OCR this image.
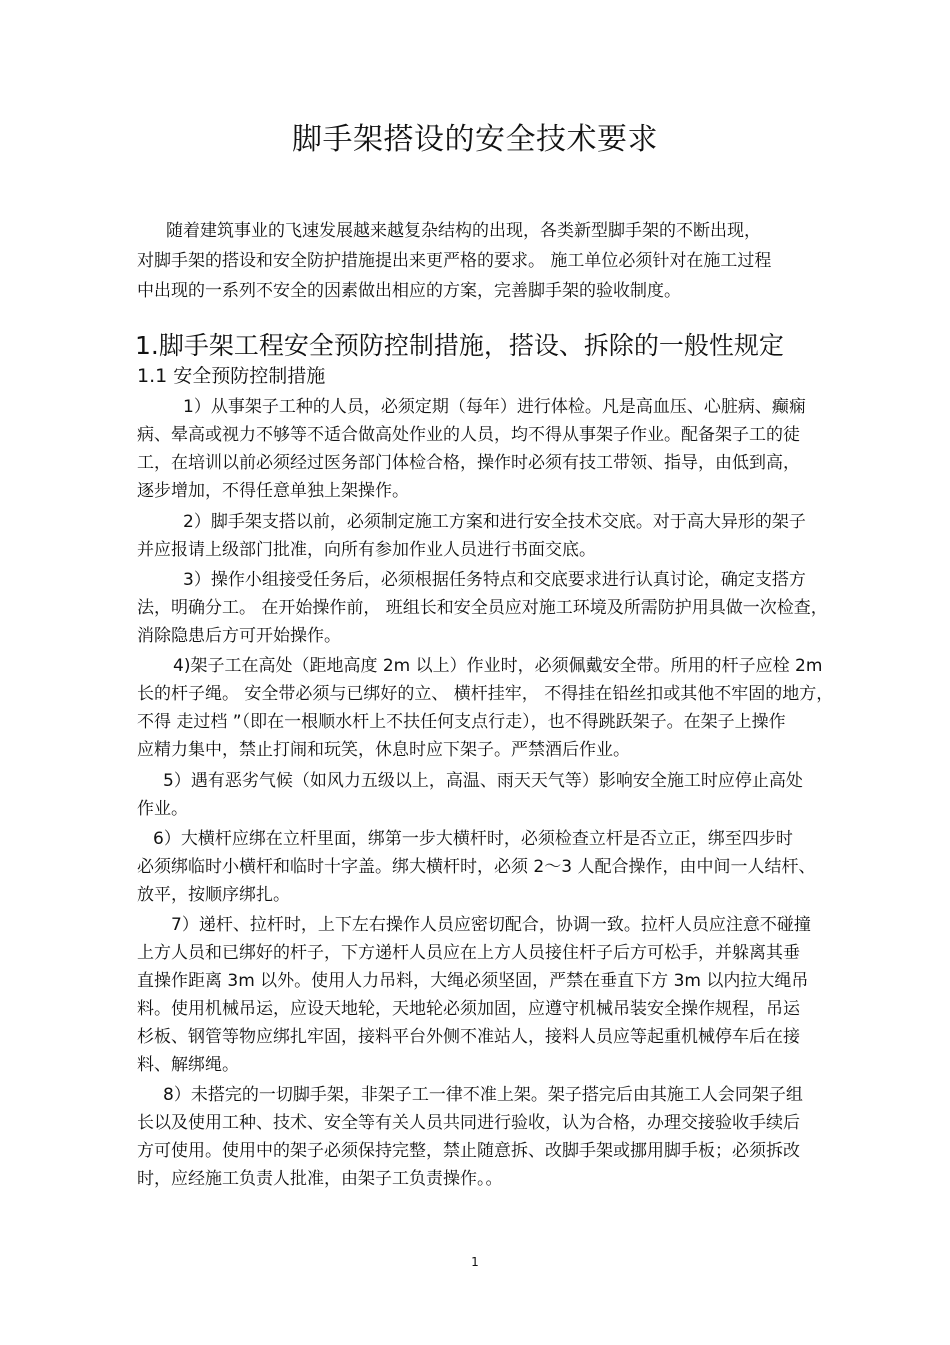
脚手架搭设的安全技术要求
随着建筑事业的飞速发展越来越复杂结构的出现，各类新型脚手架的不断出现，
对脚手架的搭设和安全防护措施提出来更严格的要求。 施工单位必须针对在施工过程
中出现的一系列不安全的因素做出相应的方案，完善脚手架的验收制度。
1.脚手架工程安全预防控制措施，搭设、拆除的一般性规定
1.1 安全预防控制措施
1）从事架子工种的人员，必须定期（每年）进行体检。凡是高血压、心脏病、癫痫
病、晕高或视力不够等不适合做高处作业的人员，均不得从事架子作业。配备架子工的徒
工，在培训以前必须经过医务部门体检合格，操作时必须有技工带领、指导，由低到高，
逐步增加，不得任意单独上架操作。
2）脚手架支搭以前，必须制定施工方案和进行安全技术交底。对于高大异形的架子
并应报请上级部门批准，向所有参加作业人员进行书面交底。
3）操作小组接受任务后，必须根据任务特点和交底要求进行认真讨论，确定支搭方
法，明确分工。 在开始操作前， 班组长和安全员应对施工环境及所需防护用具做一次检查，
消除隐患后方可开始操作。
4)架子工在高处（距地高度 2m 以上）作业时，必须佩戴安全带。所用的杆子应栓 2m
长的杆子绳。 安全带必须与已绑好的立、 横杆挂牢， 不得挂在铅丝扣或其他不牢固的地方，
不得 走过档 ”（即在一根顺水杆上不扶任何支点行走），也不得跳跃架子。在架子上操作
应精力集中，禁止打闹和玩笑，休息时应下架子。严禁酒后作业。
5）遇有恶劣气候（如风力五级以上，高温、雨天天气等）影响安全施工时应停止高处
作业。
6）大横杆应绑在立杆里面，绑第一步大横杆时，必须检查立杆是否立正，绑至四步时
必须绑临时小横杆和临时十字盖。绑大横杆时，必须 2～3 人配合操作，由中间一人结杆、
放平，按顺序绑扎。
7）递杆、拉杆时，上下左右操作人员应密切配合，协调一致。拉杆人员应注意不碰撞
上方人员和已绑好的杆子，下方递杆人员应在上方人员接住杆子后方可松手，并躲离其垂
直操作距离 3m 以外。使用人力吊料，大绳必须坚固，严禁在垂直下方 3m 以内拉大绳吊
料。使用机械吊运，应设天地轮，天地轮必须加固，应遵守机械吊装安全操作规程，吊运
杉板、钢管等物应绑扎牢固，接料平台外侧不准站人，接料人员应等起重机械停车后在接
料、解绑绳。
8）未搭完的一切脚手架，非架子工一律不准上架。架子搭完后由其施工人会同架子组
长以及使用工种、技术、安全等有关人员共同进行验收，认为合格，办理交接验收手续后
方可使用。使用中的架子必须保持完整，禁止随意拆、改脚手架或挪用脚手板；必须拆改
时，应经施工负责人批准，由架子工负责操作。。
1
